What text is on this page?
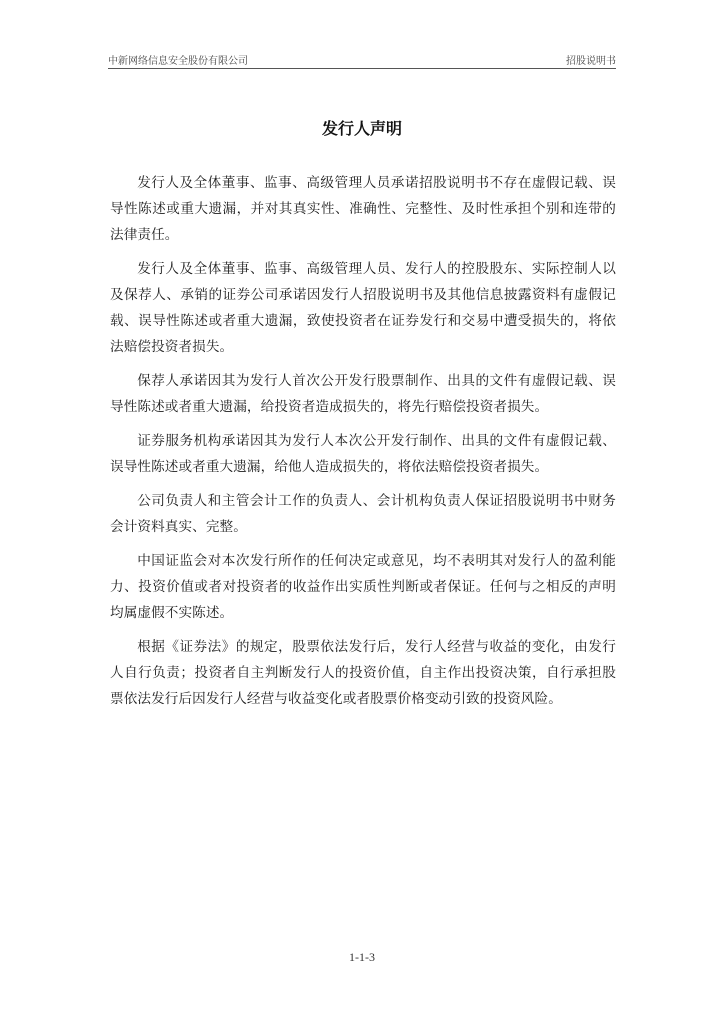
中新网络信息安全股份有限公司	招股说明书
发行人声明

发行人及全体董事、监事、高级管理人员承诺招股说明书不存在虚假记载、误导性陈述或重大遗漏，并对其真实性、准确性、完整性、及时性承担个别和连带的法律责任。

发行人及全体董事、监事、高级管理人员、发行人的控股股东、实际控制人以及保荐人、承销的证券公司承诺因发行人招股说明书及其他信息披露资料有虚假记载、误导性陈述或者重大遗漏，致使投资者在证券发行和交易中遭受损失的，将依法赔偿投资者损失。

保荐人承诺因其为发行人首次公开发行股票制作、出具的文件有虚假记载、误导性陈述或者重大遗漏，给投资者造成损失的，将先行赔偿投资者损失。

证券服务机构承诺因其为发行人本次公开发行制作、出具的文件有虚假记载、误导性陈述或者重大遗漏，给他人造成损失的，将依法赔偿投资者损失。

公司负责人和主管会计工作的负责人、会计机构负责人保证招股说明书中财务会计资料真实、完整。

中国证监会对本次发行所作的任何决定或意见，均不表明其对发行人的盈利能力、投资价值或者对投资者的收益作出实质性判断或者保证。任何与之相反的声明均属虚假不实陈述。

根据《证券法》的规定，股票依法发行后，发行人经营与收益的变化，由发行人自行负责；投资者自主判断发行人的投资价值，自主作出投资决策，自行承担股票依法发行后因发行人经营与收益变化或者股票价格变动引致的投资风险。

1-1-3
